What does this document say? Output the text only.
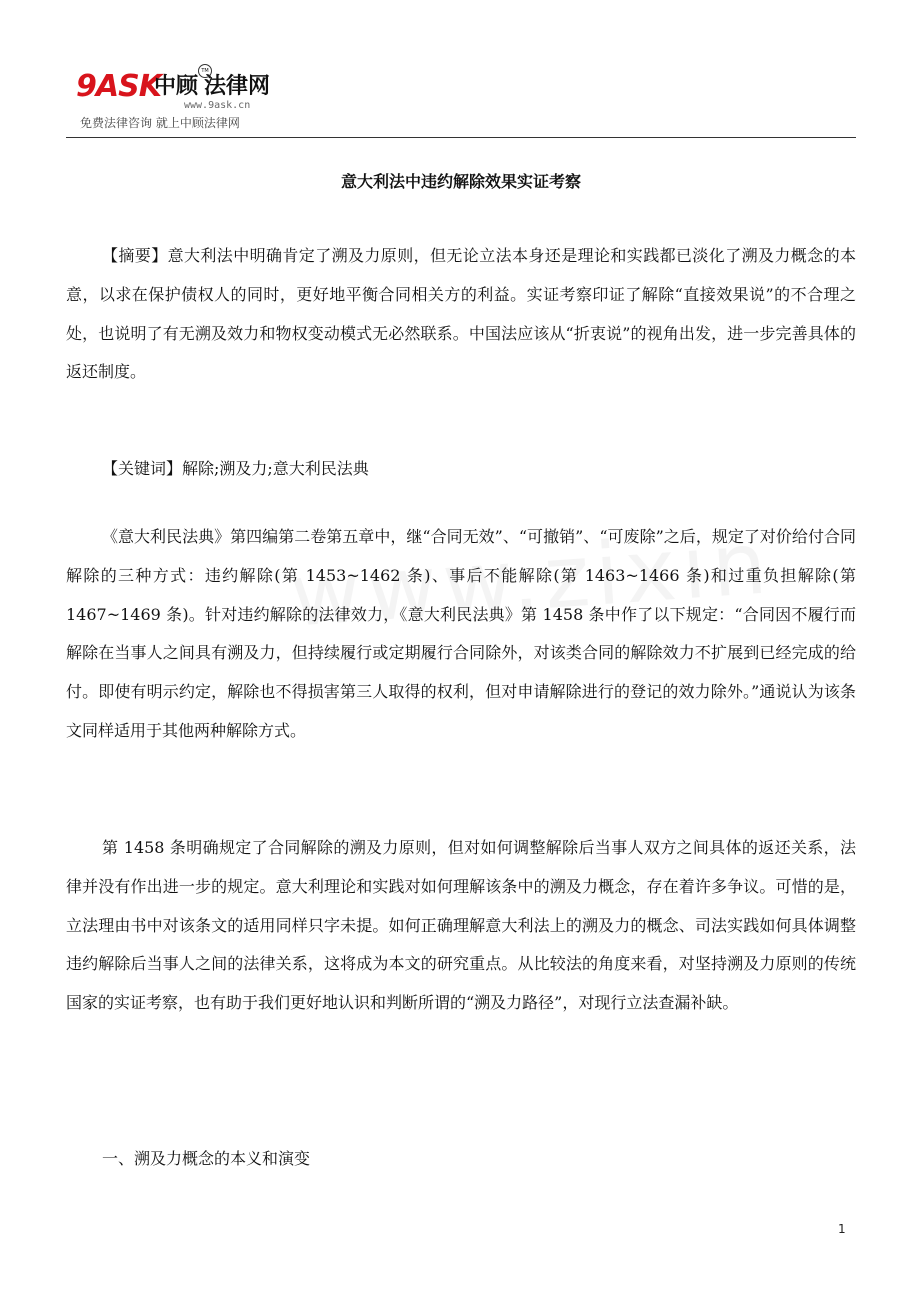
9ASK
中顾 法律网
TM
www.9ask.cn
免费法律咨询 就上中顾法律网
意大利法中违约解除效果实证考察
【摘要】意大利法中明确肯定了溯及力原则，但无论立法本身还是理论和实践都已淡化了溯及力概念的本意，以求在保护债权人的同时，更好地平衡合同相关方的利益。实证考察印证了解除“直接效果说”的不合理之处，也说明了有无溯及效力和物权变动模式无必然联系。中国法应该从“折衷说”的视角出发，进一步完善具体的返还制度。
【关键词】解除;溯及力;意大利民法典
《意大利民法典》第四编第二卷第五章中，继“合同无效”、“可撤销”、“可废除”之后，规定了对价给付合同解除的三种方式：违约解除(第 1453~1462 条)、事后不能解除(第 1463~1466 条)和过重负担解除(第 1467~1469 条)。针对违约解除的法律效力，《意大利民法典》第 1458 条中作了以下规定：“合同因不履行而解除在当事人之间具有溯及力，但持续履行或定期履行合同除外，对该类合同的解除效力不扩展到已经完成的给付。即使有明示约定，解除也不得损害第三人取得的权利，但对申请解除进行的登记的效力除外。”通说认为该条文同样适用于其他两种解除方式。
第 1458 条明确规定了合同解除的溯及力原则，但对如何调整解除后当事人双方之间具体的返还关系，法律并没有作出进一步的规定。意大利理论和实践对如何理解该条中的溯及力概念，存在着许多争议。可惜的是，立法理由书中对该条文的适用同样只字未提。如何正确理解意大利法上的溯及力的概念、司法实践如何具体调整违约解除后当事人之间的法律关系，这将成为本文的研究重点。从比较法的角度来看，对坚持溯及力原则的传统国家的实证考察，也有助于我们更好地认识和判断所谓的“溯及力路径”，对现行立法查漏补缺。
一、溯及力概念的本义和演变
1
